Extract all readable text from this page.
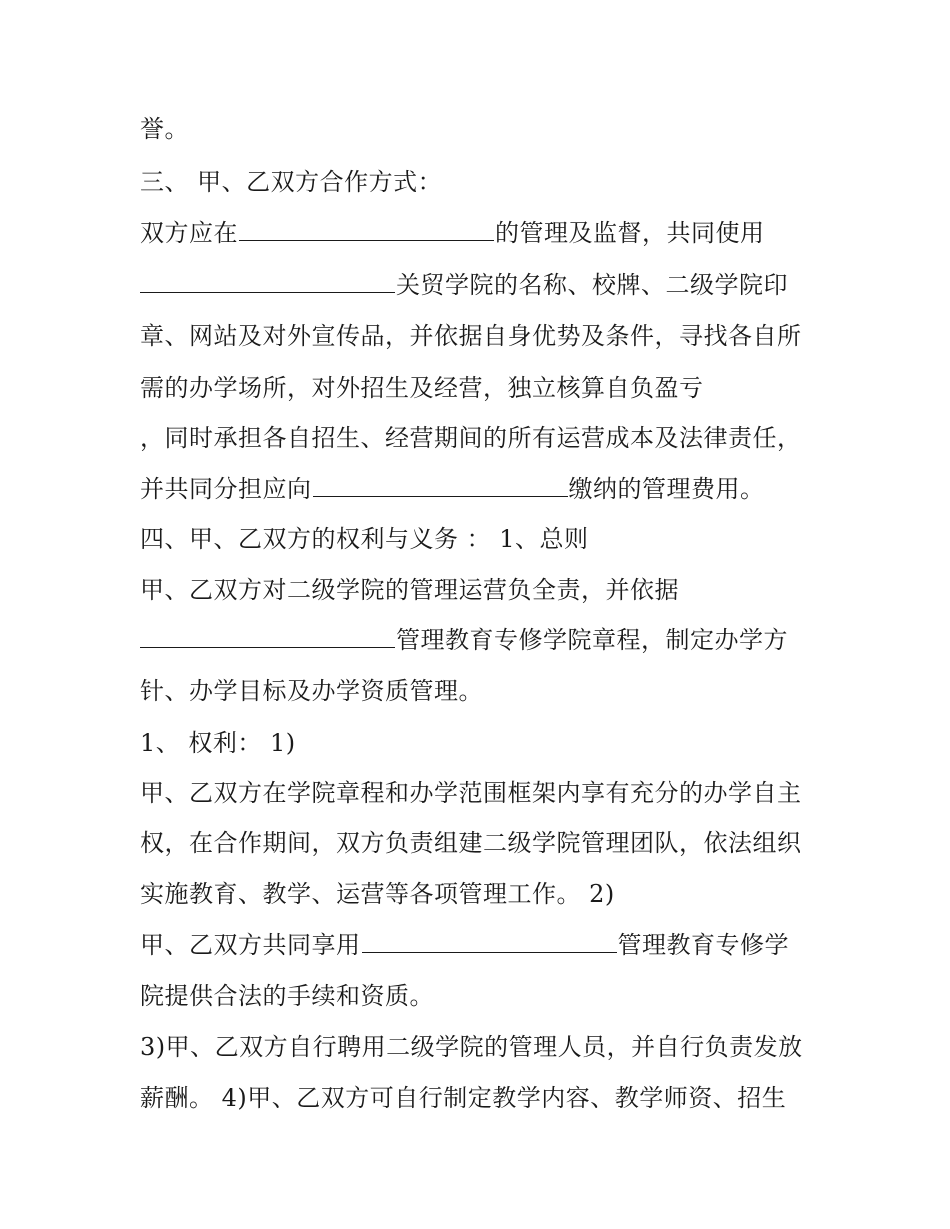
誉。
三、 甲、乙双方合作方式：
双方应在	的管理及监督，共同使用
关贸学院的名称、校牌、二级学院印
章、网站及对外宣传品，并依据自身优势及条件，寻找各自所
需的办学场所，对外招生及经营，独立核算自负盈亏
，同时承担各自招生、经营期间的所有运营成本及法律责任，
并共同分担应向	缴纳的管理费用。
四、甲、乙双方的权利与义务 ： 1、总则
甲、乙双方对二级学院的管理运营负全责，并依据
管理教育专修学院章程，制定办学方
针、办学目标及办学资质管理。
1、 权利： 1)
甲、乙双方在学院章程和办学范围框架内享有充分的办学自主
权，在合作期间，双方负责组建二级学院管理团队，依法组织
实施教育、教学、运营等各项管理工作。 2)
甲、乙双方共同享用	管理教育专修学
院提供合法的手续和资质。
3)甲、乙双方自行聘用二级学院的管理人员，并自行负责发放
薪酬。 4)甲、乙双方可自行制定教学内容、教学师资、招生
